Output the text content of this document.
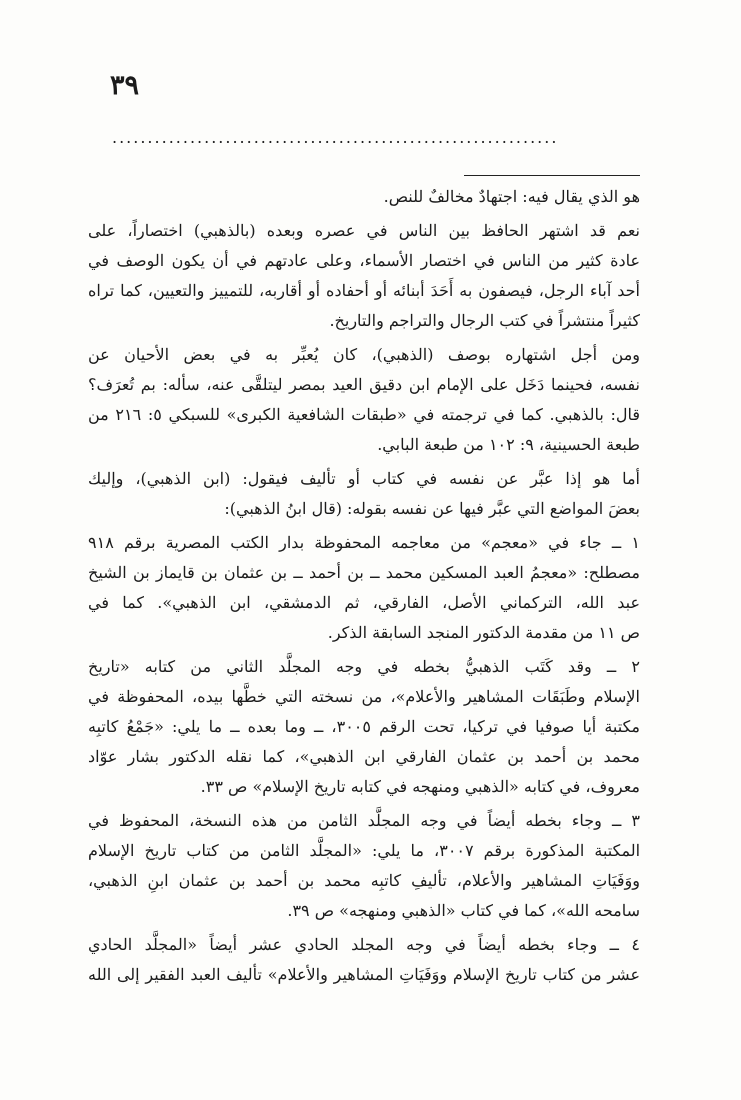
٣٩
...............................................................
هو الذي يقال فيه: اجتهادٌ مخالفٌ للنص.
نعم قد اشتهر الحافظ بين الناس في عصره وبعده (بالذهبي) اختصاراً، على
عادة كثير من الناس في اختصار الأسماء، وعلى عادتهم في أن يكون الوصف في
أحد آباء الرجل، فيصفون به أَحَدَ أبنائه أو أحفاده أو أقاربه، للتمييز والتعيين، كما تراه
كثيراً منتشراً في كتب الرجال والتراجم والتاريخ.
ومن أجل اشتهاره بوصف (الذهبي)، كان يُعبِّر به في بعض الأحيان عن
نفسه، فحينما دَخَل على الإمام ابن دقيق العيد بمصر ليتلقَّى عنه، سأله: بم تُعرَف؟
قال: بالذهبي. كما في ترجمته في «طبقات الشافعية الكبرى» للسبكي ٥: ٢١٦ من
طبعة الحسينية، ٩: ١٠٢ من طبعة البابي.
أما هو إذا عبَّر عن نفسه في كتاب أو تأليف فيقول: (ابن الذهبي)، وإليك
بعضَ المواضع التي عبَّر فيها عن نفسه بقوله: (قال ابنُ الذهبي):
١ ــ جاء في «معجم» من معاجمه المحفوظة بدار الكتب المصرية برقم ٩١٨
مصطلح: «معجمُ العبد المسكين محمد ــ بن أحمد ــ بن عثمان بن قايماز بن الشيخ
عبد الله، التركماني الأصل، الفارقي، ثم الدمشقي، ابن الذهبي». كما في
ص ١١ من مقدمة الدكتور المنجد السابقة الذكر.
٢ ــ وقد كَتَب الذهبيُّ بخطه في وجه المجلَّد الثاني من كتابه «تاريخ
الإسلام وطَبَقَات المشاهير والأعلام»، من نسخته التي خطَّها بيده، المحفوظة في
مكتبة أيا صوفيا في تركيا، تحت الرقم ٣٠٠٥، ــ وما بعده ــ ما يلي: «جَمْعُ كاتبِه
محمد بن أحمد بن عثمان الفارقي ابن الذهبي»، كما نقله الدكتور بشار عوّاد
معروف، في كتابه «الذهبي ومنهجه في كتابه تاريخ الإسلام» ص ٣٣.
٣ ــ وجاء بخطه أيضاً في وجه المجلَّد الثامن من هذه النسخة، المحفوظ في
المكتبة المذكورة برقم ٣٠٠٧، ما يلي: «المجلَّد الثامن من كتاب تاريخ الإسلام
ووَفَيَاتِ المشاهير والأعلام، تأليفِ كاتبِه محمد بن أحمد بن عثمان ابنِ الذهبي،
سامحه الله»، كما في كتاب «الذهبي ومنهجه» ص ٣٩.
٤ ــ وجاء بخطه أيضاً في وجه المجلد الحادي عشر أيضاً «المجلَّد الحادي
عشر من كتاب تاريخ الإسلام ووَفَيَاتِ المشاهير والأعلام» تأليف العبد الفقير إلى الله
